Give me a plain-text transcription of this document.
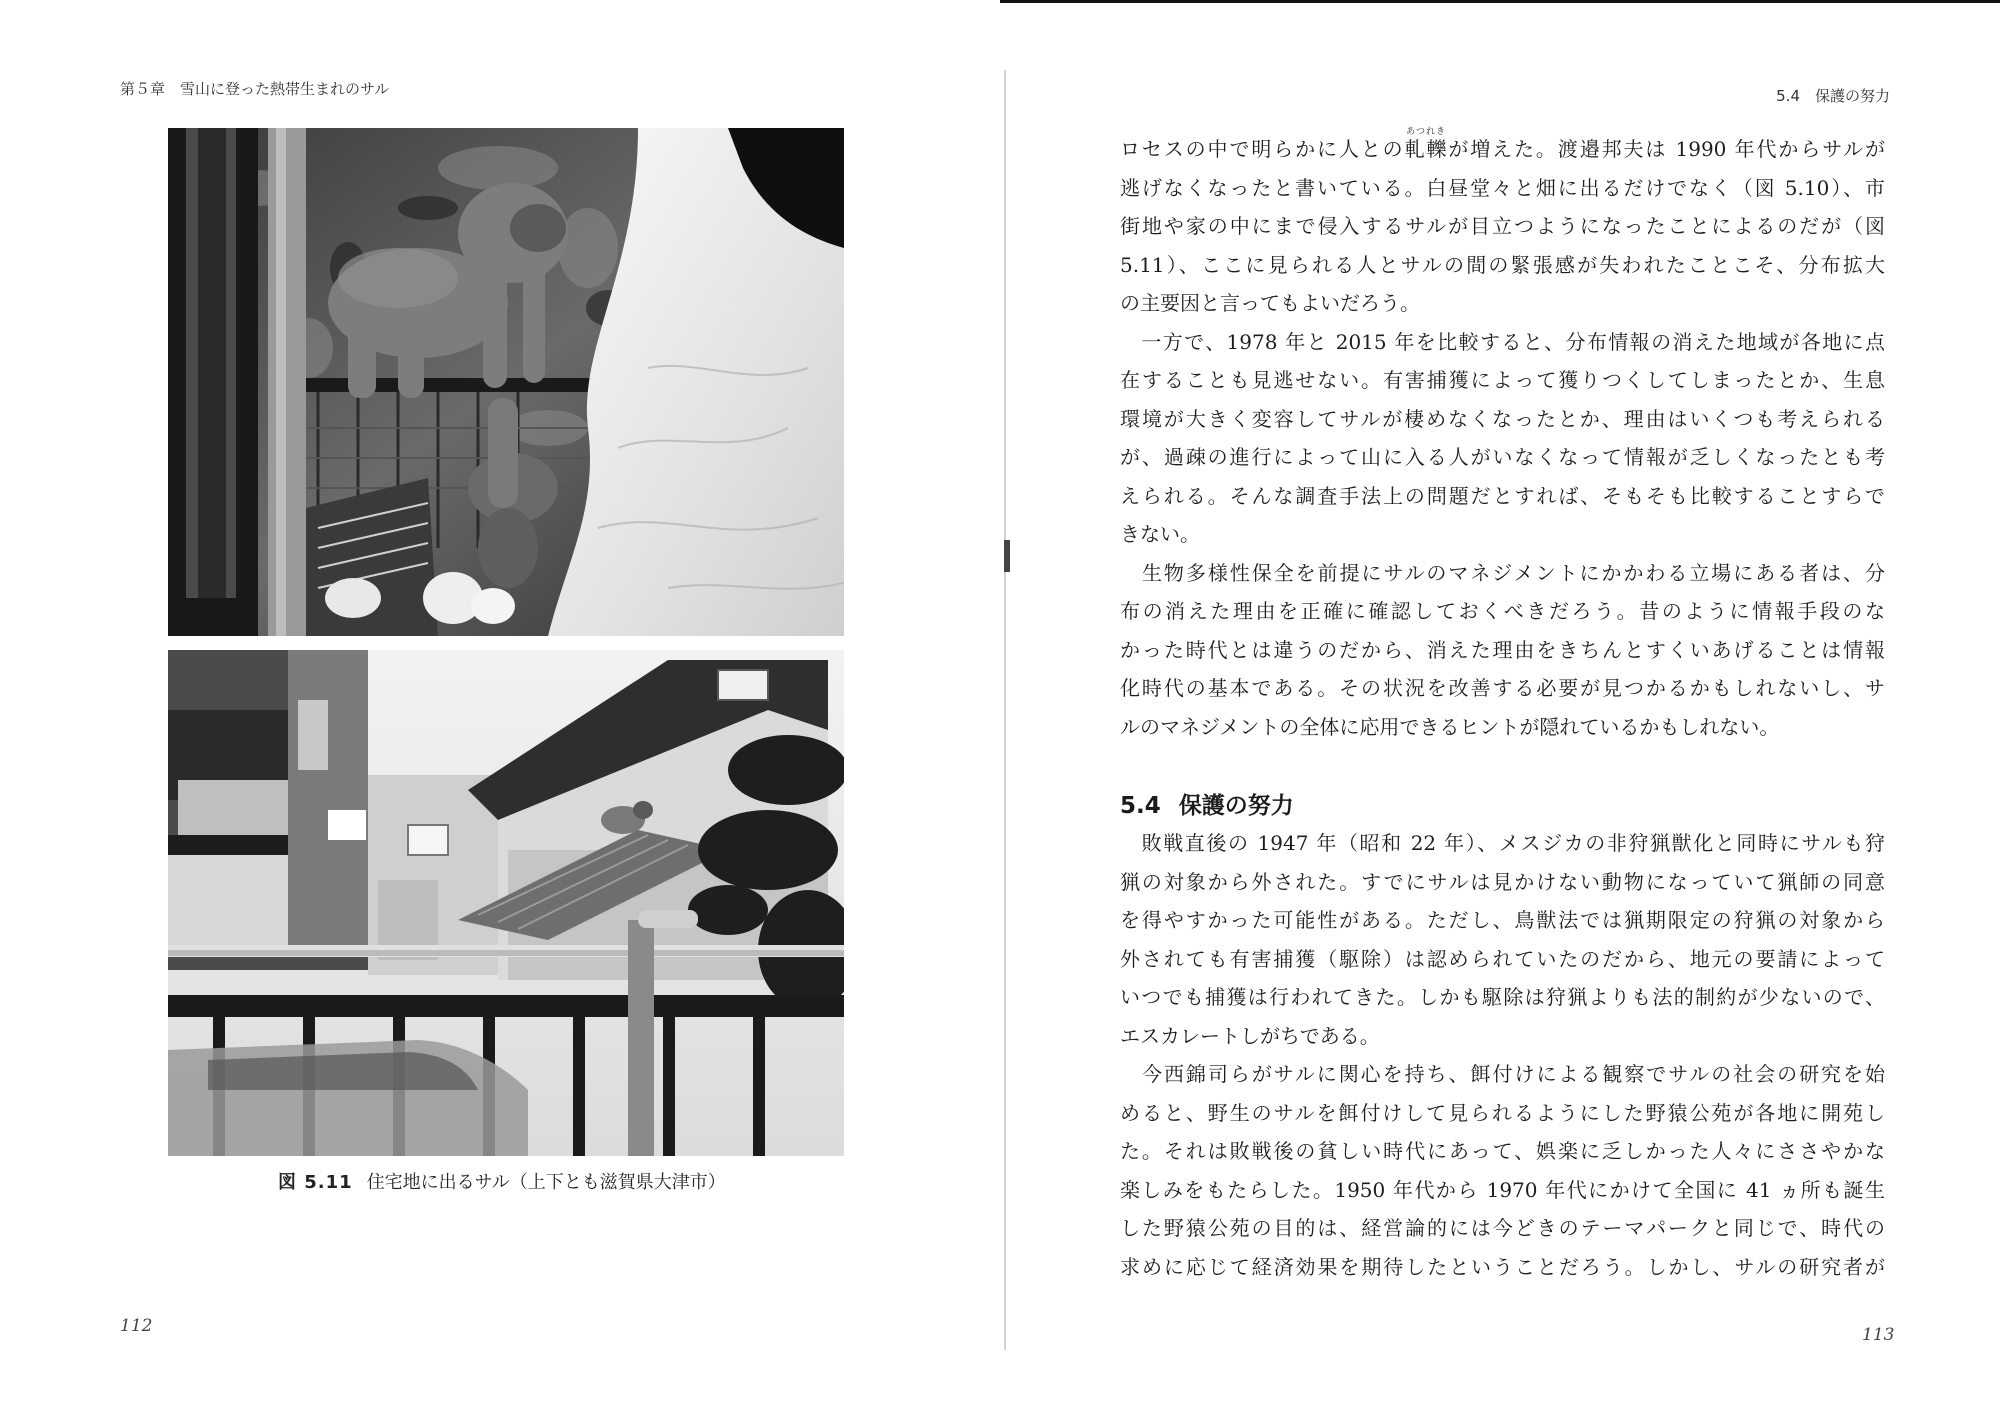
第５章　雪山に登った熱帯生まれのサル
図 5.11 住宅地に出るサル（上下とも滋賀県大津市）
112
5.4　保護の努力
あつれき
ロセスの中で明らかに人との軋轢が増えた。渡邉邦夫は 1990 年代からサルが
逃げなくなったと書いている。白昼堂々と畑に出るだけでなく（図 5.10）、市
街地や家の中にまで侵入するサルが目立つようになったことによるのだが（図
5.11）、ここに見られる人とサルの間の緊張感が失われたことこそ、分布拡大
の主要因と言ってもよいだろう。
　一方で、1978 年と 2015 年を比較すると、分布情報の消えた地域が各地に点
在することも見逃せない。有害捕獲によって獲りつくしてしまったとか、生息
環境が大きく変容してサルが棲めなくなったとか、理由はいくつも考えられる
が、過疎の進行によって山に入る人がいなくなって情報が乏しくなったとも考
えられる。そんな調査手法上の問題だとすれば、そもそも比較することすらで
きない。
　生物多様性保全を前提にサルのマネジメントにかかわる立場にある者は、分
布の消えた理由を正確に確認しておくべきだろう。昔のように情報手段のな
かった時代とは違うのだから、消えた理由をきちんとすくいあげることは情報
化時代の基本である。その状況を改善する必要が見つかるかもしれないし、サ
ルのマネジメントの全体に応用できるヒントが隠れているかもしれない。
5.4 保護の努力
　敗戦直後の 1947 年（昭和 22 年）、メスジカの非狩猟獣化と同時にサルも狩
猟の対象から外された。すでにサルは見かけない動物になっていて猟師の同意
を得やすかった可能性がある。ただし、鳥獣法では猟期限定の狩猟の対象から
外されても有害捕獲（駆除）は認められていたのだから、地元の要請によって
いつでも捕獲は行われてきた。しかも駆除は狩猟よりも法的制約が少ないので、
エスカレートしがちである。
　今西錦司らがサルに関心を持ち、餌付けによる観察でサルの社会の研究を始
めると、野生のサルを餌付けして見られるようにした野猿公苑が各地に開苑し
た。それは敗戦後の貧しい時代にあって、娯楽に乏しかった人々にささやかな
楽しみをもたらした。1950 年代から 1970 年代にかけて全国に 41 ヵ所も誕生
した野猿公苑の目的は、経営論的には今どきのテーマパークと同じで、時代の
求めに応じて経済効果を期待したということだろう。しかし、サルの研究者が
113
